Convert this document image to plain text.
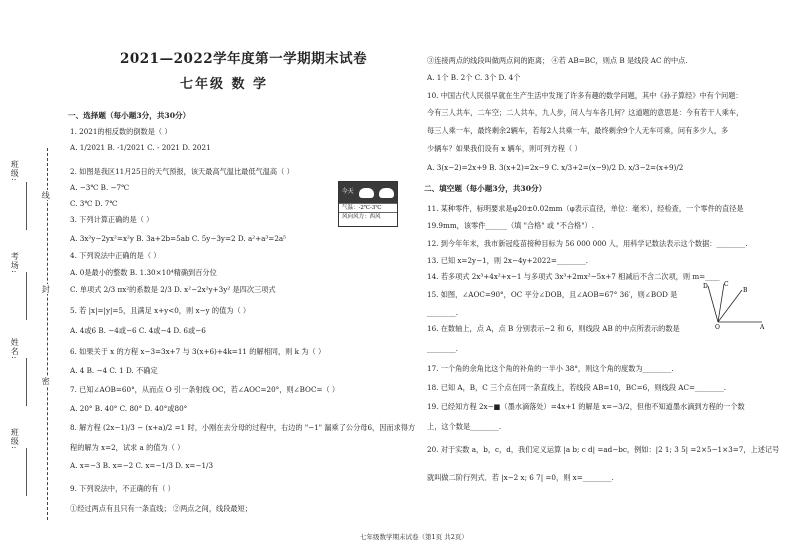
班级:
考场:
姓名:
班级:
线
封
密
2021—2022学年度第一学期期末试卷
七年级 数 学
一、选择题（每小题3分，共30分）
1. 2021的相反数的倒数是（ ）
A. 1/2021 B. -1/2021 C. - 2021 D. 2021
2. 如图是我区11月25日的天气预报，该天最高气温比最低气温高（ ）
A. −3℃ B. −7℃
C. 3℃ D. 7℃
3. 下列计算正确的是（ ）
A. 3x²y−2yx²=x²y B. 3a+2b=5ab C. 5y−3y=2 D. a²+a³=2a⁵
4. 下列说法中正确的是（ ）
A. 0是最小的整数 B. 1.30×10⁴精确到百分位
C. 单项式 2/3 πx²的系数是 2/3 D. x²−2x²y+3y² 是四次三项式
5. 若 |x|=|y|=5，且满足 x+y<0，则 x−y 的值为（ ）
A. 4或6 B. −4或−6 C. 4或−4 D. 6或−6
6. 如果关于 x 的方程 x−3=3x+7 与 3(x+6)+4k=11 的解相同，则 k 为（ ）
A. 4 B. −4 C. 1 D. 不确定
7. 已知∠AOB=60°，从而点 O 引一条射线 OC，若∠AOC=20°，则∠BOC=（ ）
A. 20° B. 40° C. 80° D. 40°或80°
8. 解方程 (2x−1)/3 − (x+a)/2 =1 时，小刚在去分母的过程中，右边的 "−1" 漏乘了公分母6，因而求得方
程的解为 x=2，试求 a 的值为（ ）
A. x=−3 B. x=−2 C. x=−1/3 D. x=−1/3
9. 下列说法中，不正确的有（ ）
①经过两点有且只有一条直线； ②两点之间，线段最短；
今天
气温：-2℃-3℃
风向风力：西风
③连接两点的线段叫做两点间的距离； ④若 AB=BC，则点 B 是线段 AC 的中点.
A. 1个 B. 2个 C. 3个 D. 4个
10. 中国古代人民很早就在生产生活中发现了许多有趣的数学问题，其中《孙子算经》中有个问题：
今有三人共车，二车空；二人共车，九人步，问人与车各几何？这道题的意思是：今有若干人乘车，
每三人乘一车，最终剩余2辆车，若每2人共乘一车，最终剩余9个人无车可乘，问有多少人，多
少辆车？如果我们设有 x 辆车，则可列方程（ ）
A. 3(x−2)=2x+9 B. 3(x+2)=2x−9 C. x/3+2=(x−9)/2 D. x/3−2=(x+9)/2
二、填空题（每小题3分，共30分）
11. 某种零件，标明要求是φ20±0.02mm（φ表示直径，单位：毫米），经检查，一个零件的直径是
19.9mm，该零件______（填 "合格" 或 "不合格"）.
12. 到今年年末，我市新冠疫苗接种目标为 56 000 000 人，用科学记数法表示这个数据：________.
13. 已知 x=2y−1，则 2x−4y+2022=________.
14. 若多项式 2x³+4x²+x−1 与多项式 3x³+2mx²−5x+7 相减后不含二次项，则 m=____
15. 如图，∠AOC=90°，OC 平分∠DOB，且∠AOB=67° 36′，则∠BOD 是
________.
16. 在数轴上，点 A，点 B 分别表示−2 和 6，则线段 AB 的中点所表示的数是
________.
17. 一个角的余角比这个角的补角的一半小 38°，则这个角的度数为________.
18. 已知 A，B，C 三个点在同一条直线上，若线段 AB=10，BC=6，则线段 AC=________.
19. 已经知方程 2x−■（墨水滴落处）=4x+1 的解是 x=−3/2，但他不知道墨水滴到方程的一个数
上，这个数是________.
20. 对于实数 a，b，c，d，我们定义运算 |a b; c d| =ad−bc，例如：|2 1; 3 5| =2×5−1×3=7，上述记号
就叫做二阶行列式．若 |x−2 x; 6 7| =0，则 x=________.
D	C
B
O	A
七年级数学期末试卷（第1页 共2页）
